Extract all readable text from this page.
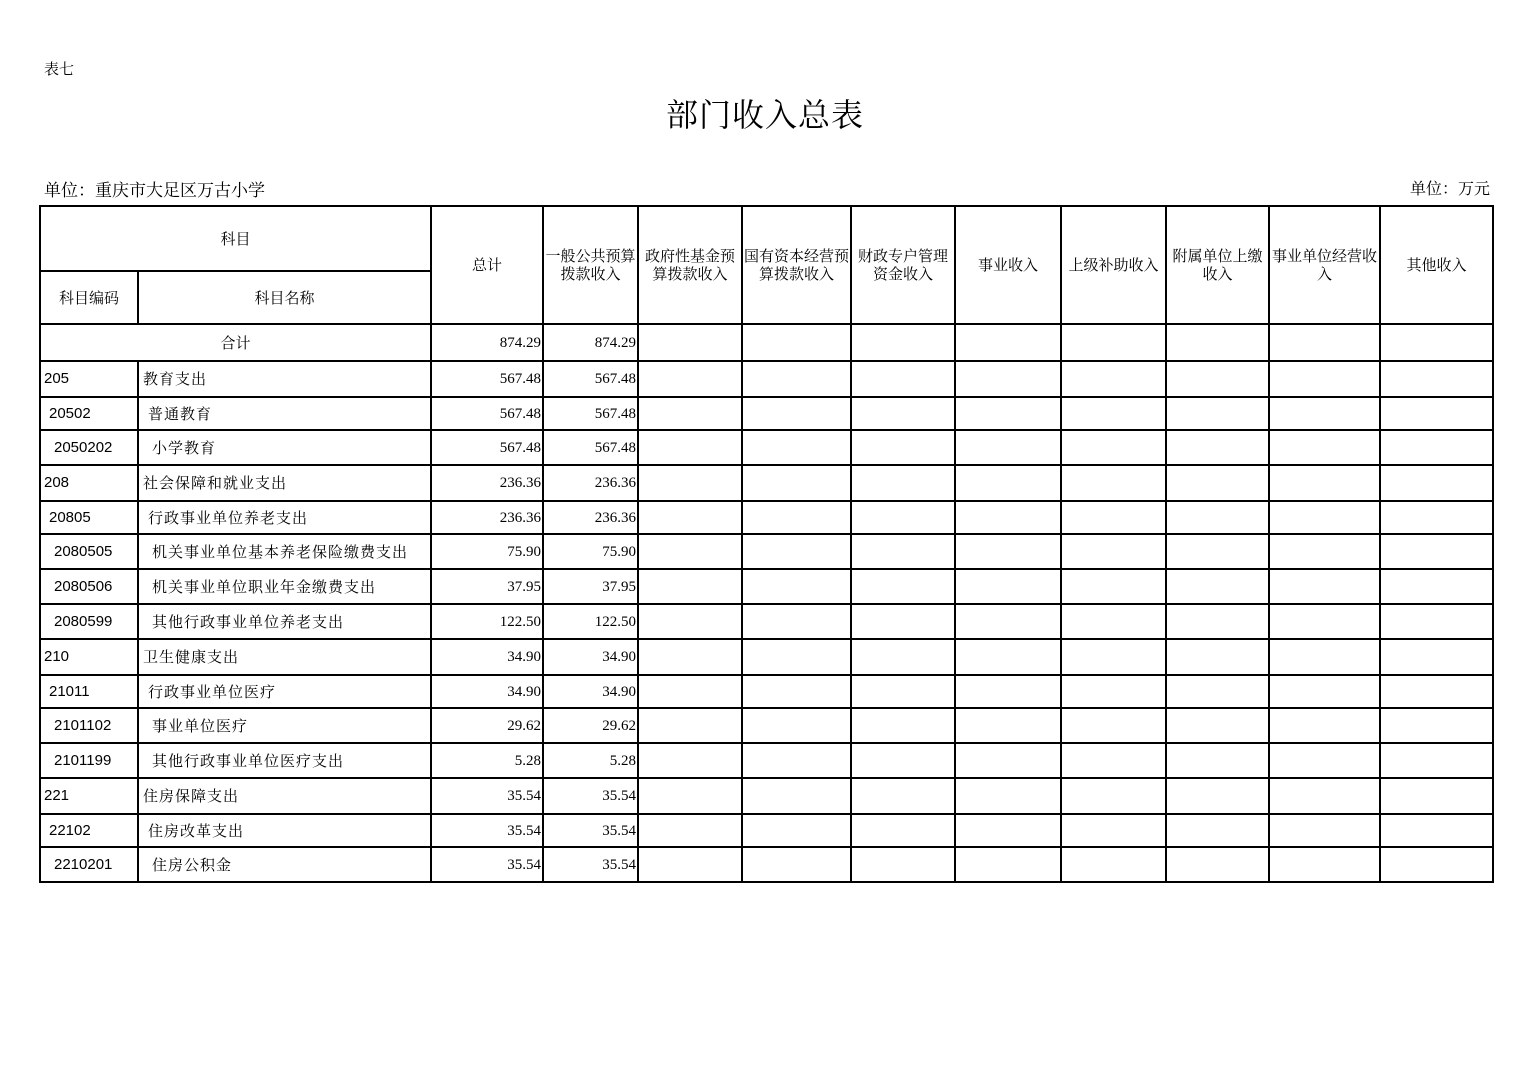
表七
部门收入总表
单位：重庆市大足区万古小学	单位：万元
科目		总计	一般公共预算拨款收入	政府性基金预算拨款收入	国有资本经营预算拨款收入	财政专户管理资金收入	事业收入	上级补助收入	附属单位上缴收入	事业单位经营收入	其他收入
科目编码	科目名称										
合计		874.29	874.29								
205	教育支出	567.48	567.48								
20502	普通教育	567.48	567.48								
2050202	小学教育	567.48	567.48								
208	社会保障和就业支出	236.36	236.36								
20805	行政事业单位养老支出	236.36	236.36								
2080505	机关事业单位基本养老保险缴费支出	75.90	75.90								
2080506	机关事业单位职业年金缴费支出	37.95	37.95								
2080599	其他行政事业单位养老支出	122.50	122.50								
210	卫生健康支出	34.90	34.90								
21011	行政事业单位医疗	34.90	34.90								
2101102	事业单位医疗	29.62	29.62								
2101199	其他行政事业单位医疗支出	5.28	5.28								
221	住房保障支出	35.54	35.54								
22102	住房改革支出	35.54	35.54								
2210201	住房公积金	35.54	35.54								
